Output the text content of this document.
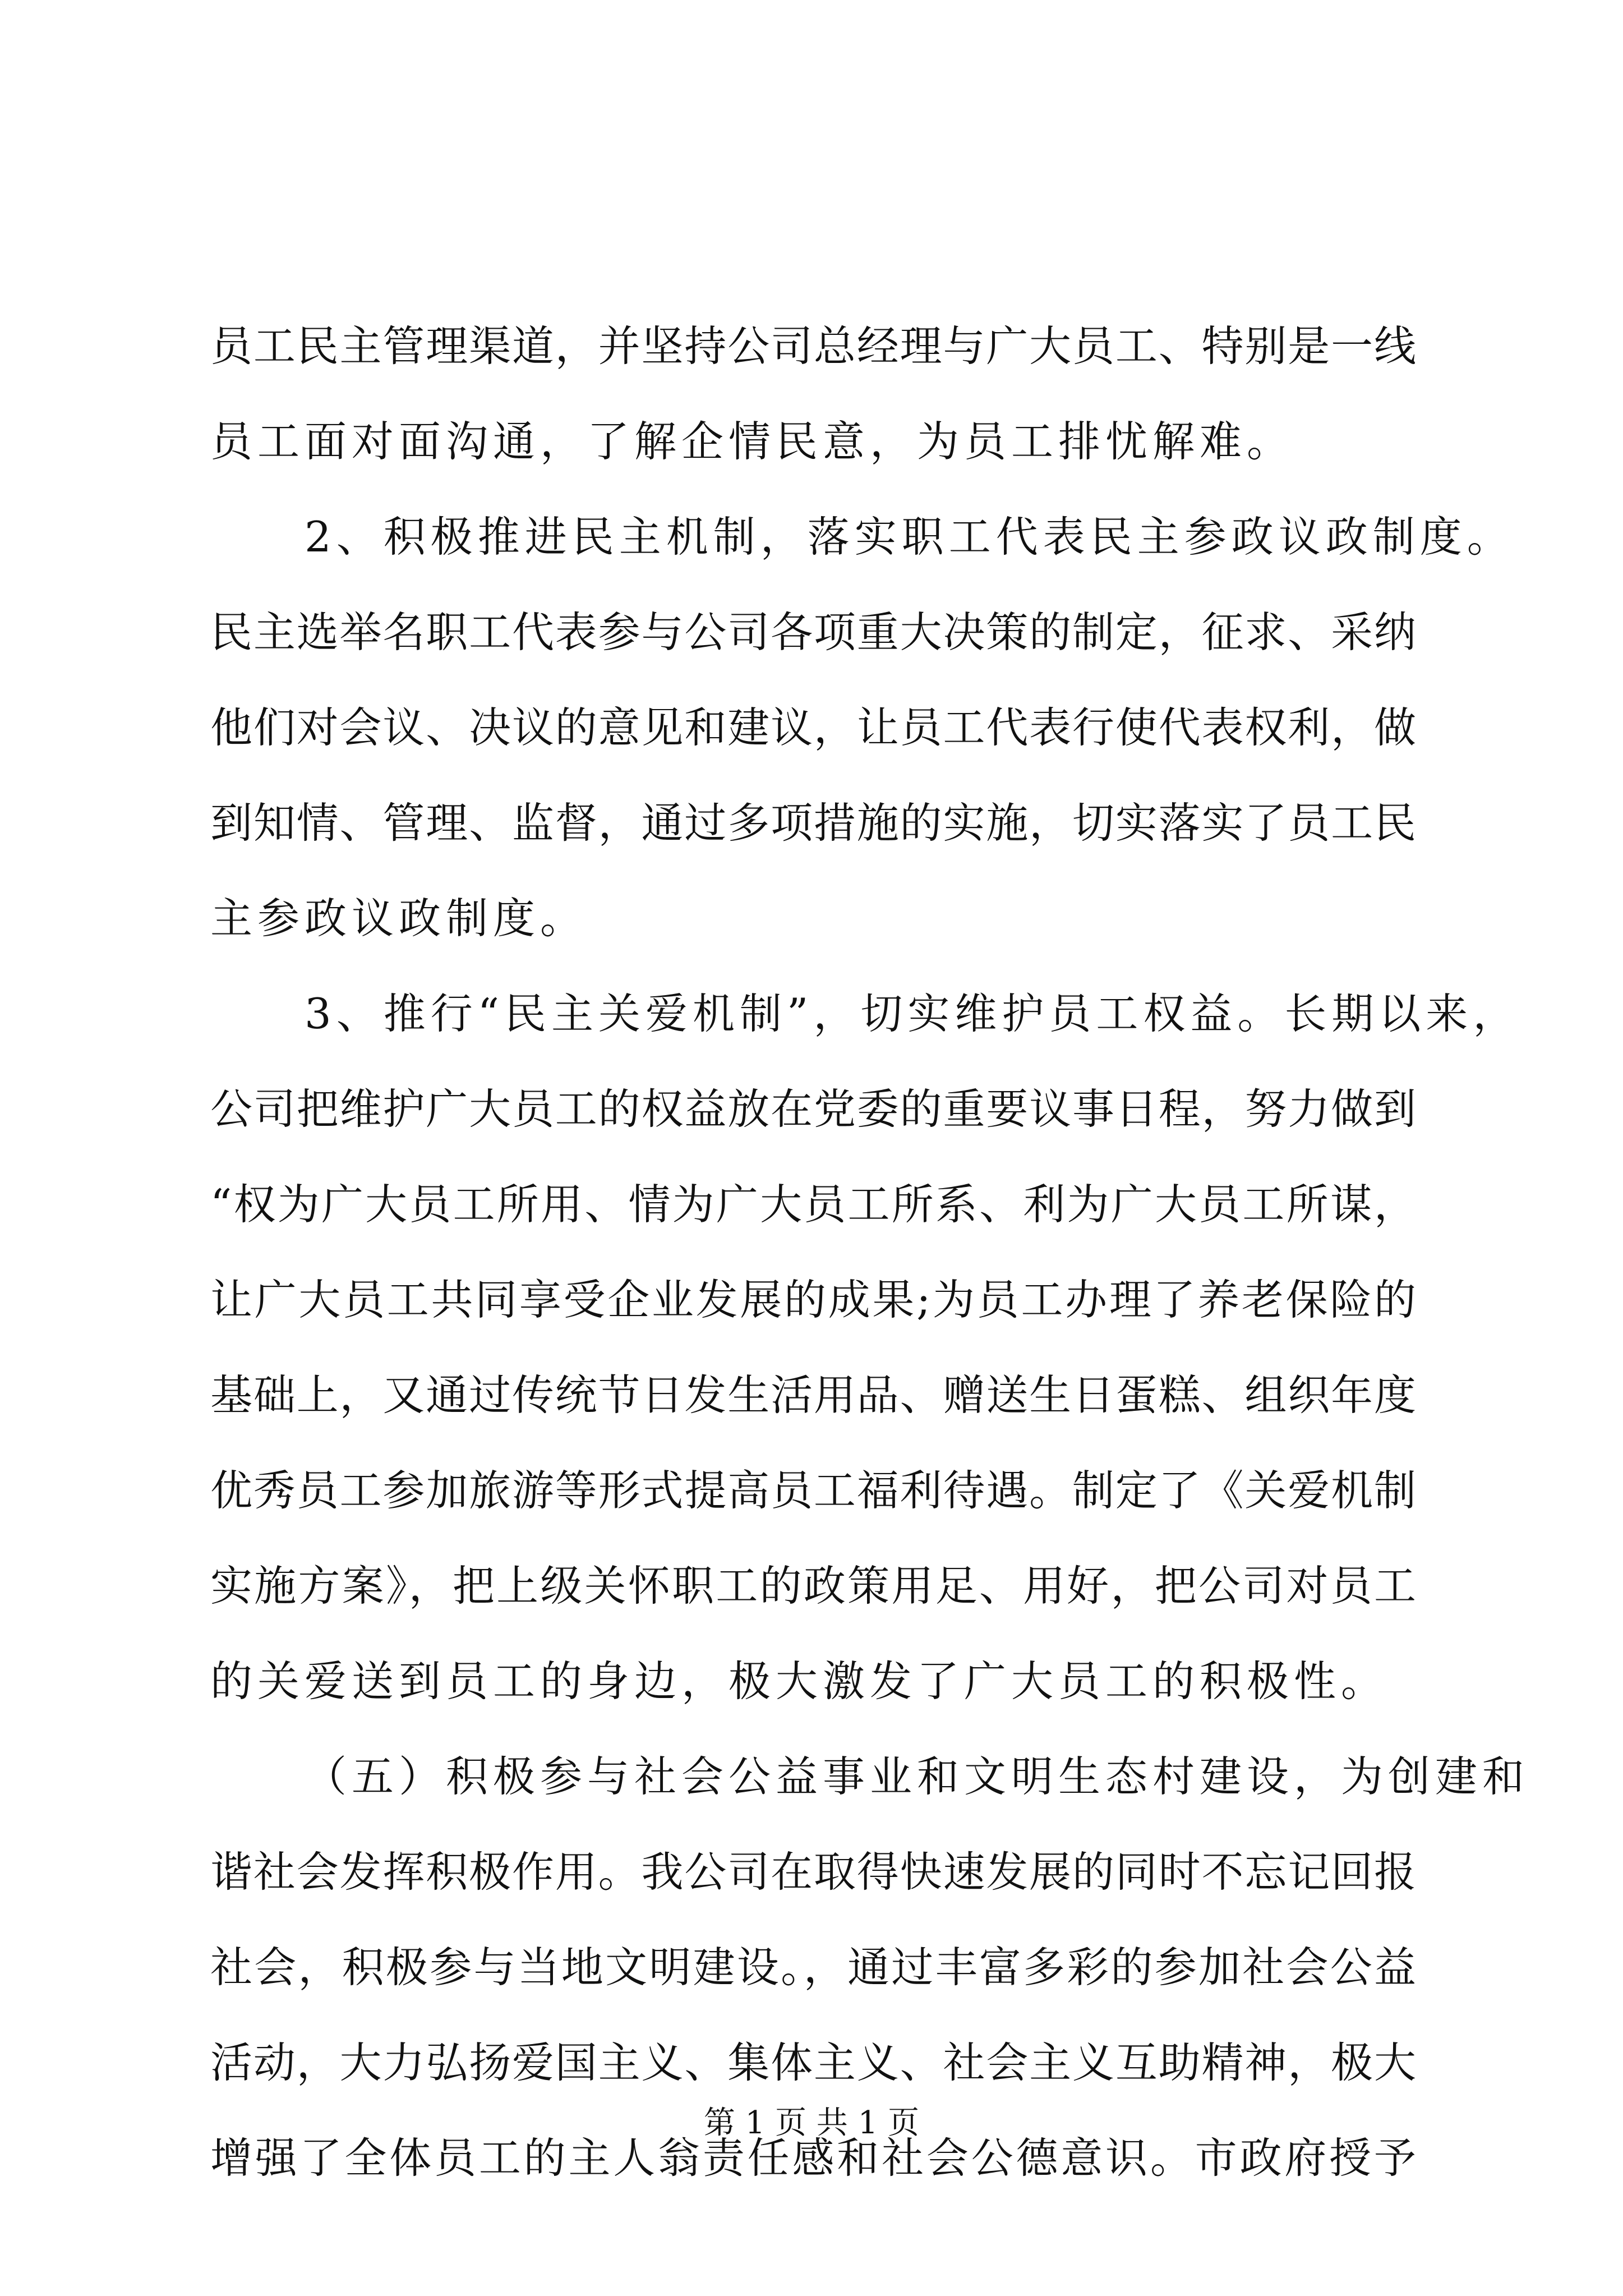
员工民主管理渠道，并坚持公司总经理与广大员工、特别是一线
员工面对面沟通，了解企情民意，为员工排忧解难。
2、积极推进民主机制，落实职工代表民主参政议政制度。
民主选举名职工代表参与公司各项重大决策的制定，征求、采纳
他们对会议、决议的意见和建议，让员工代表行使代表权利，做
到知情、管理、监督，通过多项措施的实施，切实落实了员工民
主参政议政制度。
3、推行“民主关爱机制”，切实维护员工权益。长期以来，
公司把维护广大员工的权益放在党委的重要议事日程，努力做到
“权为广大员工所用、情为广大员工所系、利为广大员工所谋，
让广大员工共同享受企业发展的成果;为员工办理了养老保险的
基础上，又通过传统节日发生活用品、赠送生日蛋糕、组织年度
优秀员工参加旅游等形式提高员工福利待遇。制定了《关爱机制
实施方案》，把上级关怀职工的政策用足、用好，把公司对员工
的关爱送到员工的身边，极大激发了广大员工的积极性。
（五）积极参与社会公益事业和文明生态村建设，为创建和
谐社会发挥积极作用。我公司在取得快速发展的同时不忘记回报
社会，积极参与当地文明建设。，通过丰富多彩的参加社会公益
活动，大力弘扬爱国主义、集体主义、社会主义互助精神，极大
增强了全体员工的主人翁责任感和社会公德意识。市政府授予
第 1 页 共 1 页
